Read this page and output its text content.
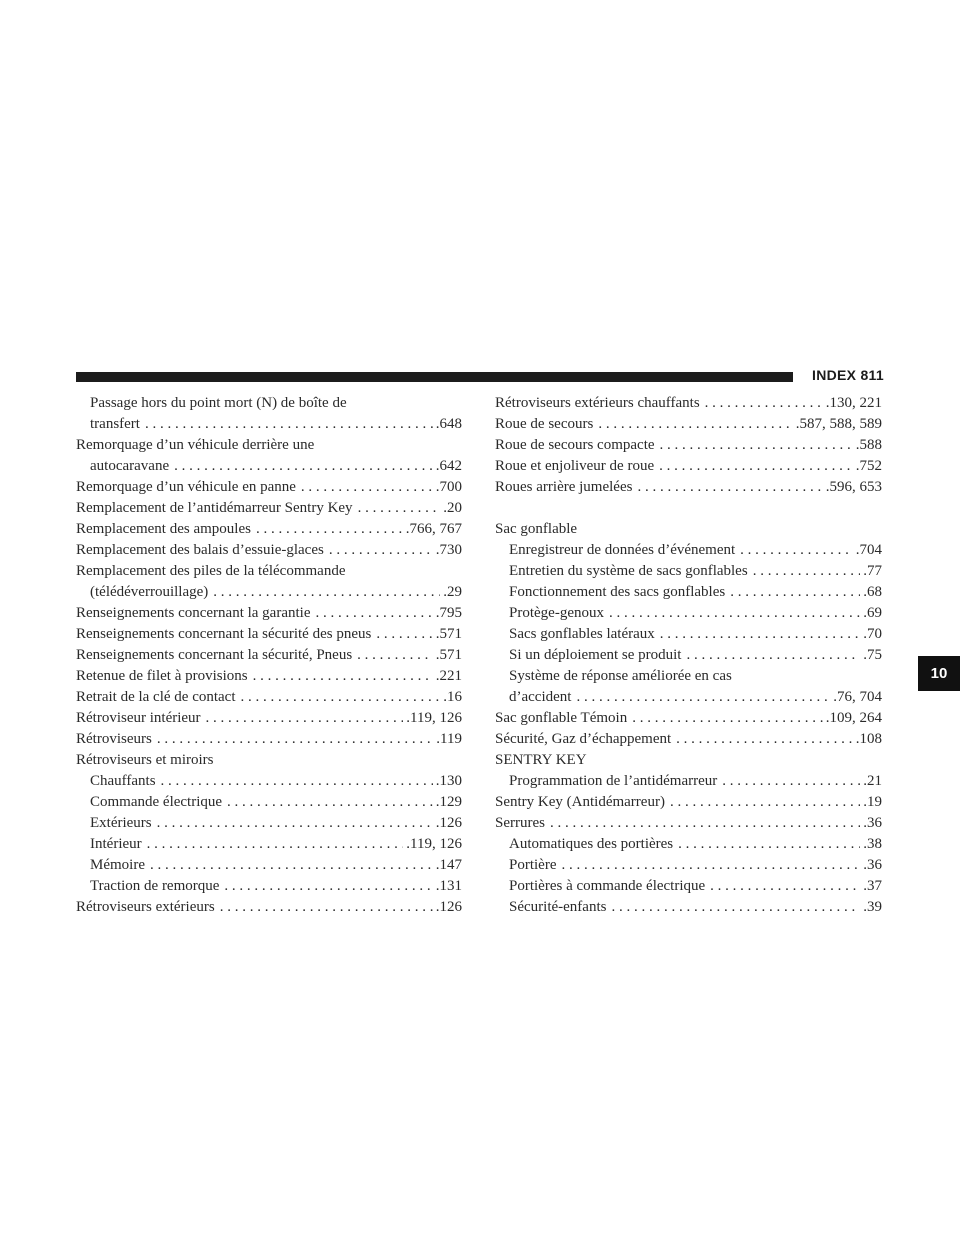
INDEX 811
10
Passage hors du point mort (N) de boîte de
transfert . . .	.648
Remorquage d’un véhicule derrière une
autocaravane . . .	.642
Remorquage d’un véhicule en panne . . .	.700
Remplacement de l’antidémarreur Sentry Key . . .	.20
Remplacement des ampoules . . .	.766, 767
Remplacement des balais d’essuie-glaces . . .	.730
Remplacement des piles de la télécommande
(télédéverrouillage) . . .	.29
Renseignements concernant la garantie . . .	.795
Renseignements concernant la sécurité des pneus . . .	.571
Renseignements concernant la sécurité, Pneus . . .	.571
Retenue de filet à provisions . . .	.221
Retrait de la clé de contact . . .	.16
Rétroviseur intérieur . . .	.119, 126
Rétroviseurs . . .	.119
Rétroviseurs et miroirs
Chauffants . . .	.130
Commande électrique . . .	.129
Extérieurs . . .	.126
Intérieur . . .	.119, 126
Mémoire . . .	.147
Traction de remorque . . .	.131
Rétroviseurs extérieurs . . .	.126
Rétroviseurs extérieurs chauffants . . .	.130, 221
Roue de secours . . .	.587, 588, 589
Roue de secours compacte . . .	.588
Roue et enjoliveur de roue . . .	.752
Roues arrière jumelées . . .	.596, 653
Sac gonflable
Enregistreur de données d’événement . . .	.704
Entretien du système de sacs gonflables . . .	.77
Fonctionnement des sacs gonflables . . .	.68
Protège-genoux . . .	.69
Sacs gonflables latéraux . . .	.70
Si un déploiement se produit . . .	.75
Système de réponse améliorée en cas
d’accident . . .	.76, 704
Sac gonflable Témoin . . .	.109, 264
Sécurité, Gaz d’échappement . . .	.108
SENTRY KEY
Programmation de l’antidémarreur . . .	.21
Sentry Key (Antidémarreur) . . .	.19
Serrures . . .	.36
Automatiques des portières . . .	.38
Portière . . .	.36
Portières à commande électrique . . .	.37
Sécurité-enfants . . .	.39
